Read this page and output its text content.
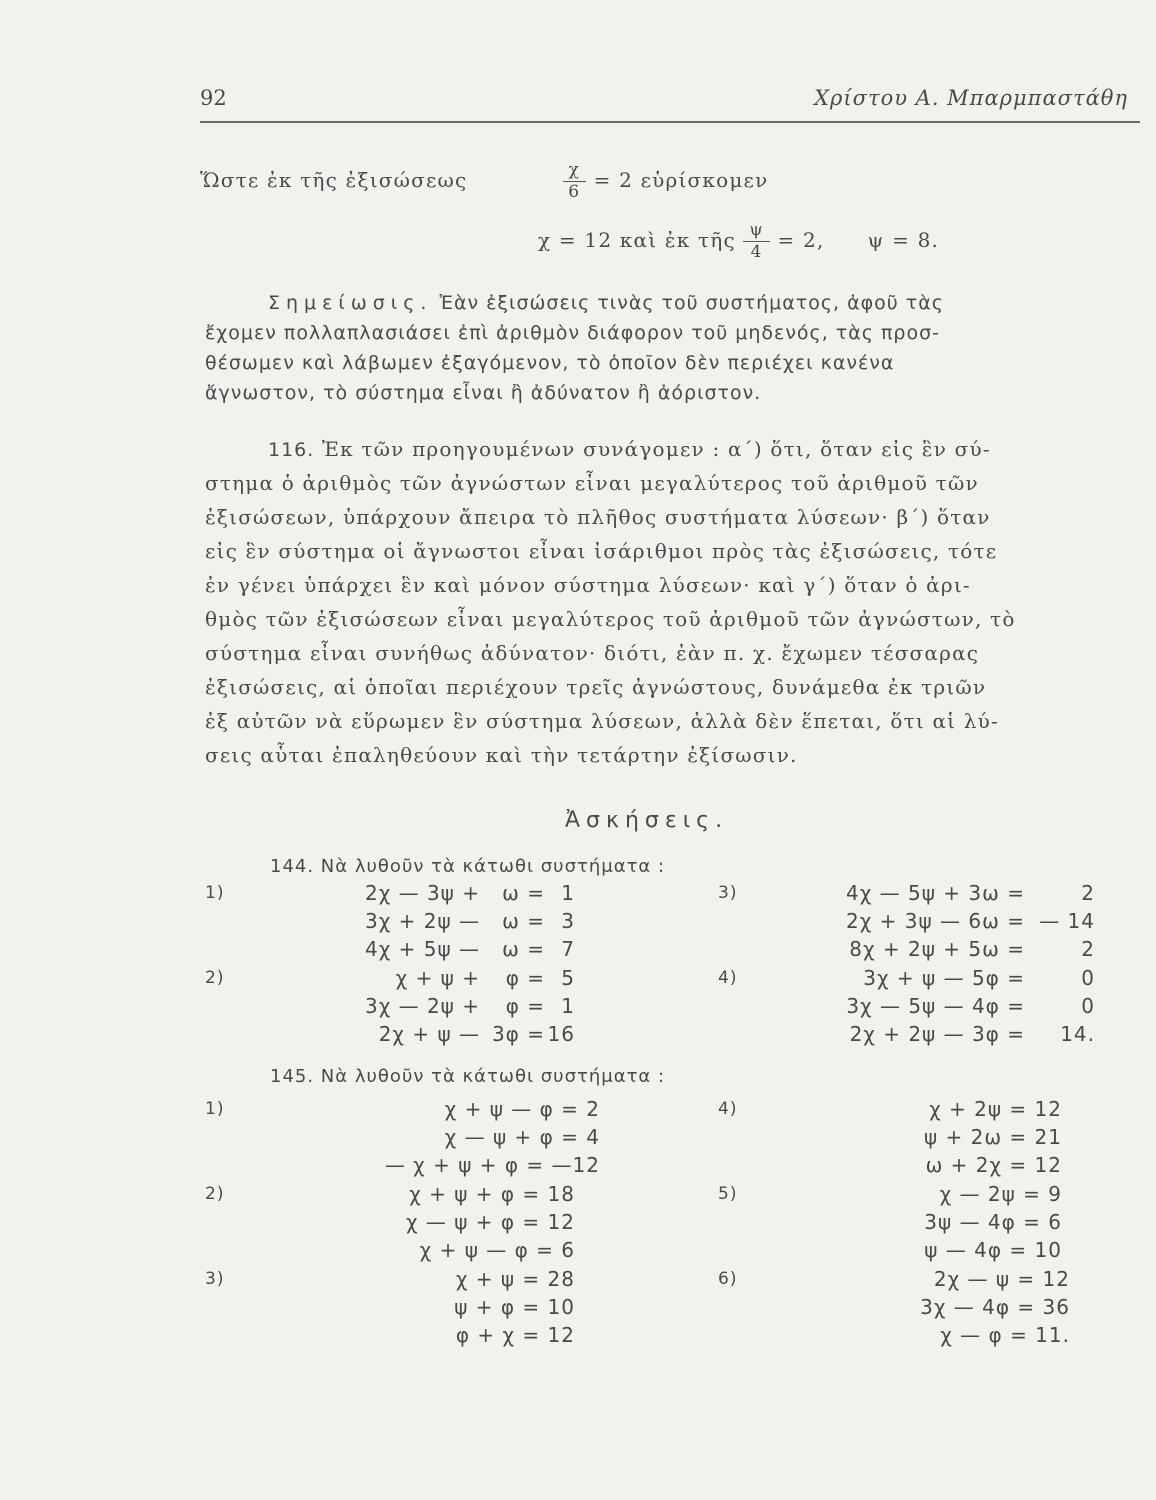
92	Χρίστου Α. Μπαρμπαστάθη
Ὥστε ἐκ τῆς ἐξισώσεως	$\frac{\chi}{6} = 2$ εὑρίσκομεν
χ = 12 καὶ ἐκ τῆς $\frac{\psi}{4} = 2$, ψ = 8.
Σημείωσις. Ἐὰν ἐξισώσεις τινὰς τοῦ συστήματος, ἀφοῦ τὰς
ἔχομεν πολλαπλασιάσει ἐπὶ ἀριθμὸν διάφορον τοῦ μηδενός, τὰς προσ-
θέσωμεν καὶ λάβωμεν ἐξαγόμενον, τὸ ὁποῖον δὲν περιέχει κανένα
ἄγνωστον, τὸ σύστημα εἶναι ἢ ἀδύνατον ἢ ἀόριστον.
116. Ἐκ τῶν προηγουμένων συνάγομεν : α΄) ὅτι, ὅταν εἰς ἓν σύ-
στημα ὁ ἀριθμὸς τῶν ἀγνώστων εἶναι μεγαλύτερος τοῦ ἀριθμοῦ τῶν
ἐξισώσεων, ὑπάρχουν ἄπειρα τὸ πλῆθος συστήματα λύσεων· β΄) ὅταν
εἰς ἓν σύστημα οἱ ἄγνωστοι εἶναι ἰσάριθμοι πρὸς τὰς ἐξισώσεις, τότε
ἐν γένει ὑπάρχει ἓν καὶ μόνον σύστημα λύσεων· καὶ γ΄) ὅταν ὁ ἀρι-
θμὸς τῶν ἐξισώσεων εἶναι μεγαλύτερος τοῦ ἀριθμοῦ τῶν ἀγνώστων, τὸ
σύστημα εἶναι συνήθως ἀδύνατον· διότι, ἐὰν π. χ. ἔχωμεν τέσσαρας
ἐξισώσεις, αἱ ὁποῖαι περιέχουν τρεῖς ἀγνώστους, δυνάμεθα ἐκ τριῶν
ἐξ αὐτῶν νὰ εὕρωμεν ἓν σύστημα λύσεων, ἀλλὰ δὲν ἕπεται, ὅτι αἱ λύ-
σεις αὗται ἐπαληθεύουν καὶ τὴν τετάρτην ἐξίσωσιν.
Ἀσκήσεις.
144. Νὰ λυθοῦν τὰ κάτωθι συστήματα :
1)	2χ — 3ψ +	ω = 1
3χ + 2ψ —	ω = 3
4χ + 5ψ —	ω = 7
2)	χ + ψ +	φ = 5
3χ — 2ψ +	φ = 1
2χ + ψ — 3φ = 16
3)	4χ — 5ψ + 3ω =	2
2χ + 3ψ — 6ω = — 14
8χ + 2ψ + 5ω =	2
4)	3χ + ψ — 5φ =	0
3χ — 5ψ — 4φ =	0
2χ + 2ψ — 3φ =	14.
145. Νὰ λυθοῦν τὰ κάτωθι συστήματα :
1)	χ + ψ — φ = 2
χ — ψ + φ = 4
— χ + ψ + φ = —12
2)	χ + ψ + φ = 18
χ — ψ + φ = 12
χ + ψ — φ = 6
3)	χ + ψ = 28
ψ + φ = 10
φ + χ = 12
4)	χ + 2ψ = 12
ψ + 2ω = 21
ω + 2χ = 12
5)	χ — 2ψ = 9
3ψ — 4φ = 6
ψ — 4φ = 10
6)	2χ — ψ = 12
3χ — 4φ = 36
χ — φ = 11.
